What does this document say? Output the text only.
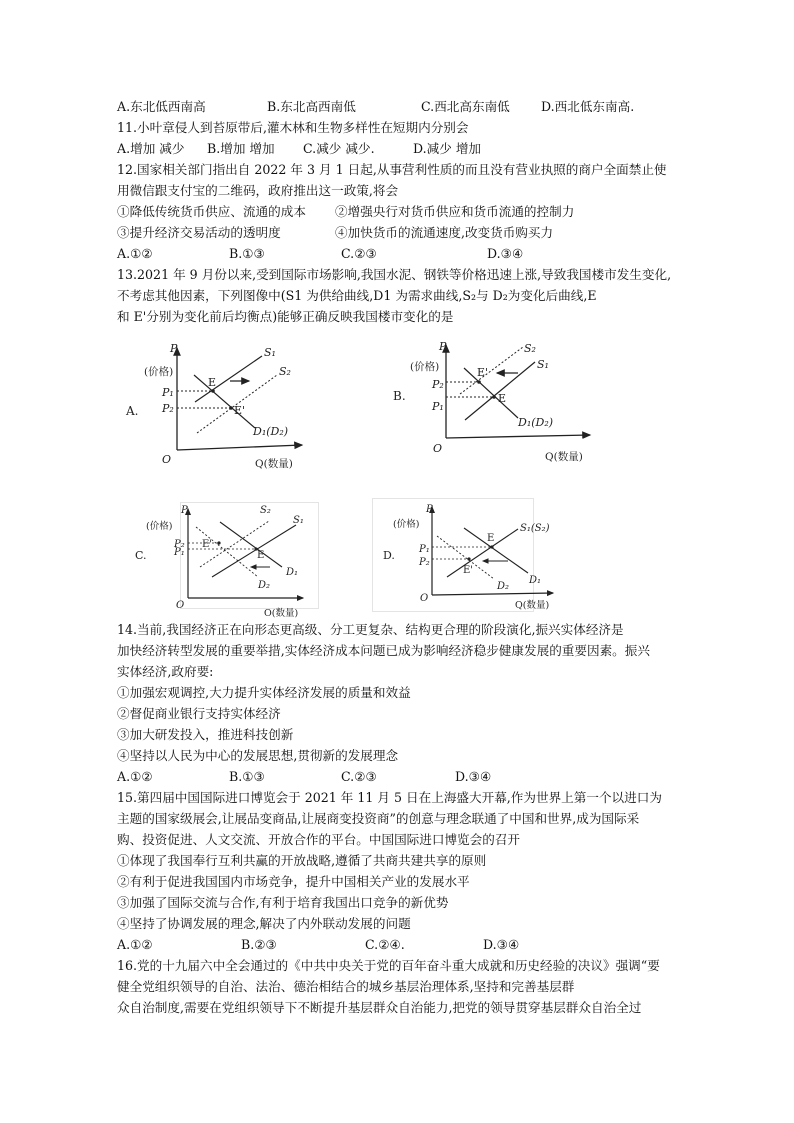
A.东北低西南高	B.东北高西南低	C.西北高东南低 D.西北低东南高.
11.小叶章侵人到苔原带后,灌木林和生物多样性在短期内分别会
A.增加 减少 B.增加 增加 C.减少 减少.	D.减少 增加
12.国家相关部门指出自 2022 年 3 月 1 日起,从事营利性质的而且没有营业执照的商户全面禁止使
用微信跟支付宝的二维码，政府推出这一政策,将会
①降低传统货币供应、流通的成本 ②增强央行对货币供应和货币流通的控制力
③提升经济交易活动的透明度	④加快货币的流通速度,改变货币购买力
A.①②	B.①③	C.②③	D.③④
13.2021 年 9 月份以来,受到国际市场影响,我国水泥、钢铁等价格迅速上涨,导致我国楼市发生变化,
不考虑其他因素，下列图像中(S1 为供给曲线,D1 为需求曲线,S₂与 D₂为变化后曲线,E
和 E'分别为变化前后均衡点)能够正确反映我国楼市变化的是
A.
P
(价格)
O	Q(数量)
P₁
P₂
S₁
S₂
D₁(D₂)
E
E'
B.
P
(价格)
O
Q(数量)
P₂
P₁
S₁
S₂
D₁(D₂)
E
E'
C.
P
(价格)
O
O(数量)
P₂
P₁
S₁
S₂
D₁
D₂
E
E'
D.
P
(价格)
O
Q(数量)
P₁
P₂
S₁(S₂)
D₁
D₂
E
E'
14.当前,我国经济正在向形态更高级、分工更复杂、结构更合理的阶段演化,振兴实体经济是
加快经济转型发展的重要举措,实体经济成本问题已成为影响经济稳步健康发展的重要因素。振兴
实体经济,政府要:
①加强宏观调控,大力提升实体经济发展的质量和效益
②督促商业银行支持实体经济
③加大研发投入，推进科技创新
④坚持以人民为中心的发展思想,贯彻新的发展理念
A.①②	B.①③	C.②③	D.③④
15.第四届中国国际进口博览会于 2021 年 11 月 5 日在上海盛大开幕,作为世界上第一个以进口为
主题的国家级展会,让展品变商品,让展商变投资商”的创意与理念联通了中国和世界,成为国际采
购、投资促进、人文交流、开放合作的平台。中国国际进口博览会的召开
①体现了我国奉行互利共赢的开放战略,遵循了共商共建共享的原则
②有利于促进我国国内市场竞争，提升中国相关产业的发展水平
③加强了国际交流与合作,有利于培育我国出口竞争的新优势
④坚持了协调发展的理念,解决了内外联动发展的问题
A.①②	B.②③	C.②④.	D.③④
16.党的十九届六中全会通过的《中共中央关于党的百年奋斗重大成就和历史经验的决议》强调“要
健全党组织领导的自治、法治、德治相结合的城乡基层治理体系,坚持和完善基层群
众自治制度,需要在党组织领导下不断提升基层群众自治能力,把党的领导贯穿基层群众自治全过
